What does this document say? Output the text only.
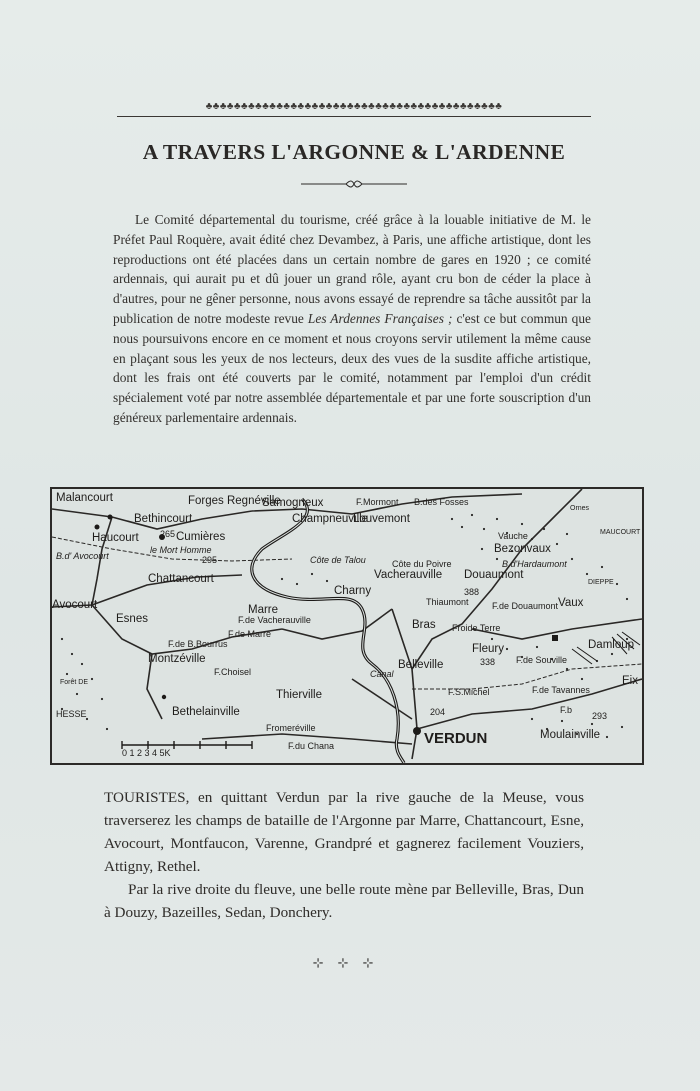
♣♣♣♣♣♣♣♣♣♣♣♣♣♣♣♣♣♣♣♣♣♣♣♣♣♣♣♣♣♣♣♣♣♣♣♣♣♣♣♣♣♣
A TRAVERS L'ARGONNE & L'ARDENNE
Le Comité départemental du tourisme, créé grâce à la louable initiative de M. le Préfet Paul Roquère, avait édité chez Devambez, à Paris, une affiche artistique, dont les reproductions ont été placées dans un certain nombre de gares en 1920 ; ce comité ardennais, qui aurait pu et dû jouer un grand rôle, ayant cru bon de céder la place à d'autres, pour ne gêner personne, nous avons essayé de reprendre sa tâche aussitôt par la publication de notre modeste revue Les Ardennes Françaises ; c'est ce but commun que nous poursuivons encore en ce moment et nous croyons servir utilement la même cause en plaçant sous les yeux de nos lecteurs, deux des vues de la susdite affiche artistique, dont les frais ont été couverts par le comité, notamment par l'emploi d'un crédit spécialement voté par notre assemblée départementale et par une forte souscription d'un généreux parlementaire ardennais.
Malancourt	Forges Regnéville
Bethincourt
Haucourt 265 Cumières
le Mort Homme
295
B.d' Avocourt
Chattancourt
Avocourt
Esnes
Marre
F.de Vacherauville
F.de Marre
F.de B.Bourrus
Montzéville
F.Choisel
Forêt DE
HESSE	Bethelainville
0 1 2 3 4 5K
Samogneux
Côte de Talou
Champneuville
Louvemont
F.Mormont B.des Fosses
Charny
Côte du Poivre
Vacherauville
Bras
Thiaumont	F.de Douaumont
Bezonvaux
Vauche
B.d'Hardaumont
Douaumont
388
Ornes
MAUCOURT
DIEPPE
Vaux
Froide Terre
Fleury	Damloup
338 F.de Souville
Belleville
Canal
F.S.Michel	F.de Tavannes
Eix
F.b
293
Moulainville
204
VERDUN
Thierville
Fromeréville
F.du Chana

TOURISTES, en quittant Verdun par la rive gauche de la Meuse, vous traverserez les champs de bataille de l'Argonne par Marre, Chattancourt, Esne, Avocourt, Montfaucon, Varenne, Grandpré et gagnerez facilement Vouziers, Attigny, Rethel.

Par la rive droite du fleuve, une belle route mène par Belleville, Bras, Dun à Douzy, Bazeilles, Sedan, Donchery.

⊹⊹⊹
